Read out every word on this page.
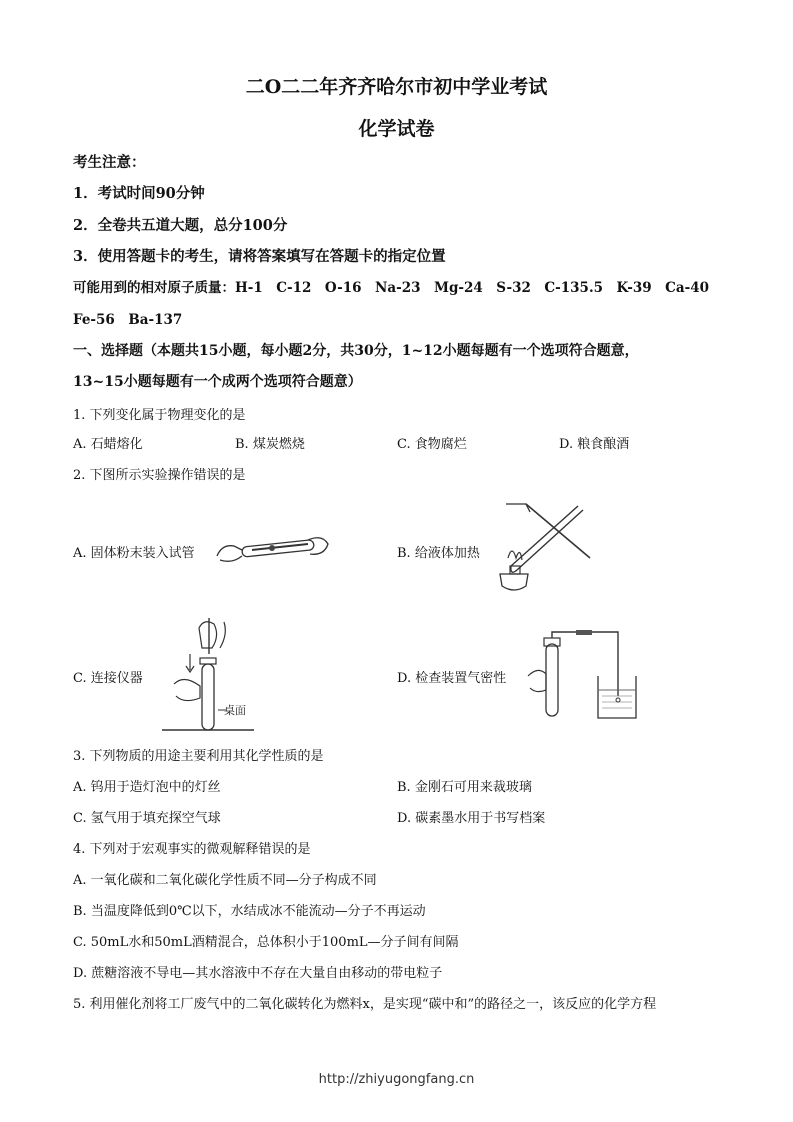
二O二二年齐齐哈尔市初中学业考试
化学试卷
考生注意：
1．考试时间90分钟
2．全卷共五道大题，总分100分
3．使用答题卡的考生，请将答案填写在答题卡的指定位置
可能用到的相对原子质量：H-1　C-12　O-16　Na-23　Mg-24　S-32　C-135.5　K-39　Ca-40
Fe-56　Ba-137
一、选择题（本题共15小题，每小题2分，共30分，1~12小题每题有一个选项符合题意，
13~15小题每题有一个成两个选项符合题意）
1. 下列变化属于物理变化的是
A. 石蜡熔化	B. 煤炭燃烧	C. 食物腐烂	D. 粮食酿酒
2. 下图所示实验操作错误的是
A. 固体粉末装入试管	B. 给液体加热
C. 连接仪器	D. 检查装置气密性
桌面
3. 下列物质的用途主要利用其化学性质的是
A. 钨用于造灯泡中的灯丝	B. 金刚石可用来裁玻璃
C. 氢气用于填充探空气球	D. 碳素墨水用于书写档案
4. 下列对于宏观事实的微观解释错误的是
A. 一氧化碳和二氧化碳化学性质不同—分子构成不同
B. 当温度降低到0℃以下，水结成冰不能流动—分子不再运动
C. 50mL水和50mL酒精混合，总体积小于100mL—分子间有间隔
D. 蔗糖溶液不导电—其水溶液中不存在大量自由移动的带电粒子
5. 利用催化剂将工厂废气中的二氧化碳转化为燃料x，是实现“碳中和”的路径之一，该反应的化学方程
http://zhiyugongfang.cn
